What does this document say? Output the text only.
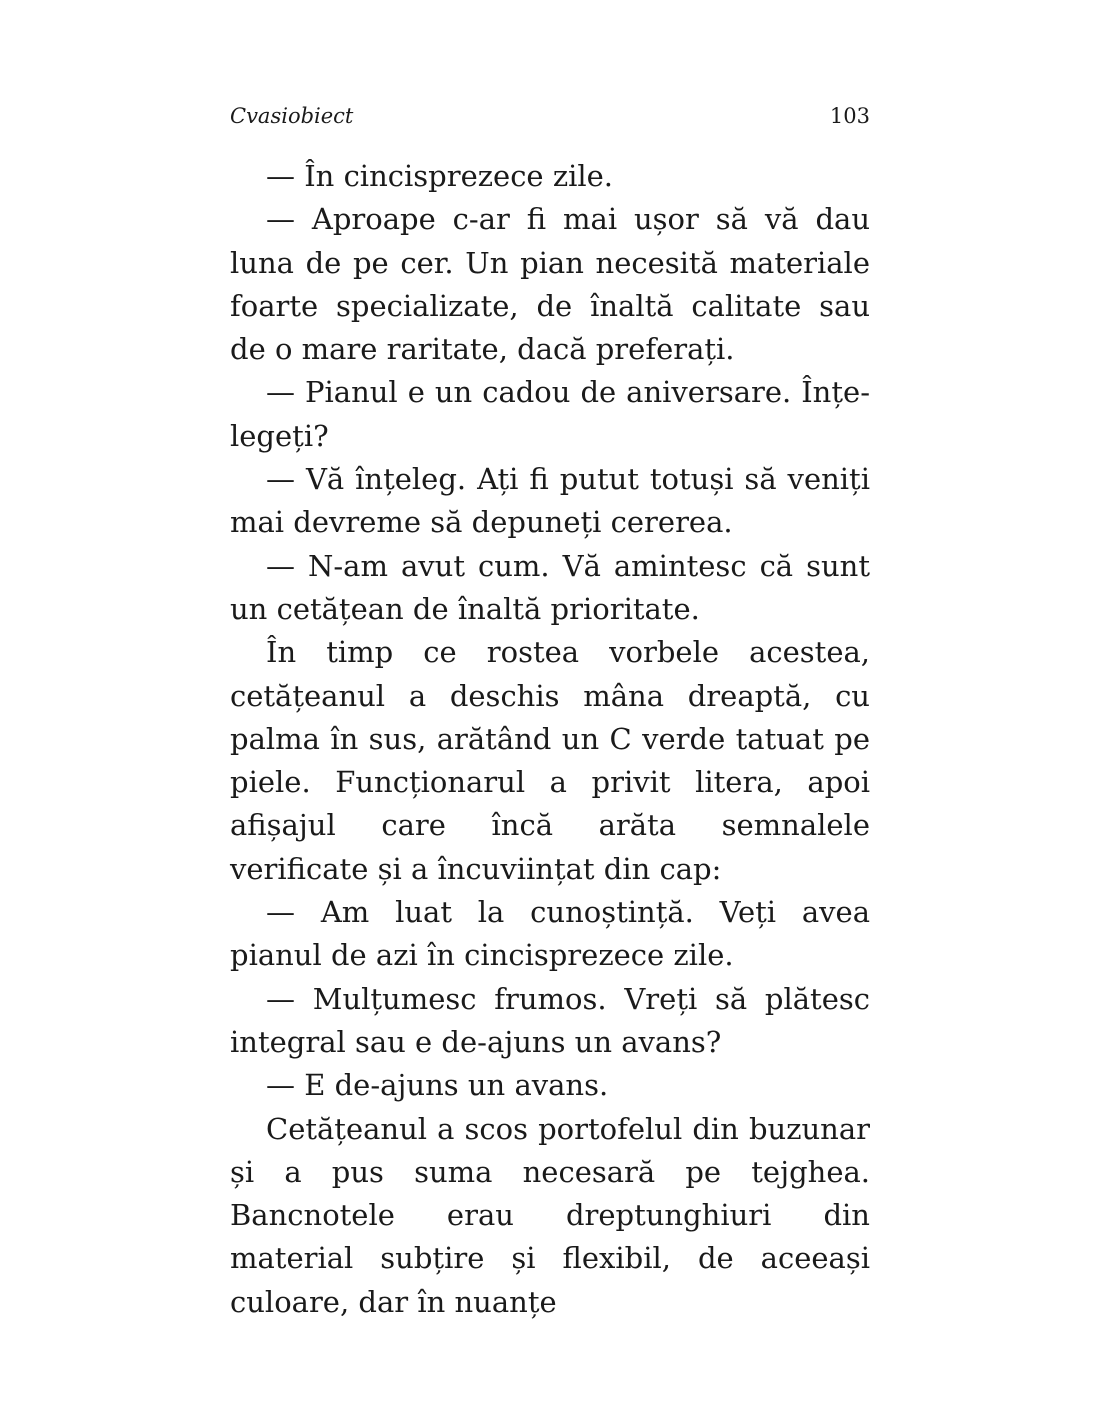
Cvasiobiect	103

— În cincisprezece zile.

— Aproape c-ar fi mai ușor să vă dau luna de pe cer. Un pian necesită materiale foarte specializate, de înaltă calitate sau de o mare raritate, dacă preferați.

— Pianul e un cadou de aniversare. Înțelegeți?

— Vă înțeleg. Ați fi putut totuși să veniți mai devreme să depuneți cererea.

— N-am avut cum. Vă amintesc că sunt un cetățean de înaltă prioritate.

În timp ce rostea vorbele acestea, cetățeanul a deschis mâna dreaptă, cu palma în sus, arătând un C verde tatuat pe piele. Funcționarul a privit litera, apoi afișajul care încă arăta semnalele verificate și a încuviințat din cap:

— Am luat la cunoștință. Veți avea pianul de azi în cincisprezece zile.

— Mulțumesc frumos. Vreți să plătesc integral sau e de-ajuns un avans?

— E de-ajuns un avans.

Cetățeanul a scos portofelul din buzunar și a pus suma necesară pe tejghea. Bancnotele erau dreptunghiuri din material subțire și flexibil, de aceeași culoare, dar în nuanțe
